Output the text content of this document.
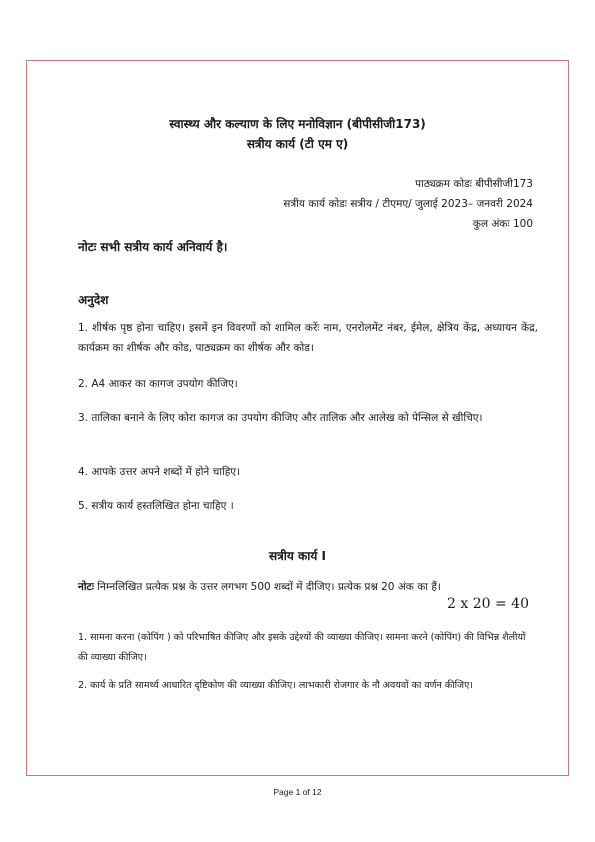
स्वास्थ्य और कल्याण के लिए मनोविज्ञान (बीपीसीजी173)
सत्रीय कार्य (टी एम ए)
पाठ्यक्रम कोडः बीपीसीजी173
सत्रीय कार्य कोडः सत्रीय / टीएमए/ जुलाई 2023– जनवरी 2024
कुल अंकः 100
नोटः सभी सत्रीय कार्य अनिवार्य है।
अनुदेश
1. शीर्षक पृष्ठ होना चाहिए। इसमें इन विवरणों को शामिल करेंः नाम, एनरोलमेंट नंबर, ईमेल, क्षेत्रिय केंद्र, अध्यायन केंद्र, कार्यक्रम का शीर्षक और कोड, पाठ्यक्रम का शीर्षक और कोड।
2. A4 आकर का कागज उपयोग कीजिए।
3. तालिका बनाने के लिए कोरा कागज का उपयोग कीजिए और तालिक और आलेख को पेन्सिल से खीचिए।
4. आपके उत्तर अपने शब्दों में होने चाहिए।
5. सत्रीय कार्य हस्तलिखित होना चाहिए ।
सत्रीय कार्य I
नोटः निम्नलिखित प्रत्येक प्रश्न के उत्तर लगभग 500 शब्दों में दीजिए। प्रत्येक प्रश्न 20 अंक का हैं।
2 x 20 = 40
1. सामना करना (कोपिंग ) को परिभाषित कीजिए और इसके उद्देश्यों की व्याख्या कीजिए। सामना करने (कोपिंग) की विभिन्न शैलीयों की व्याख्या कीजिए।
2. कार्य के प्रति सामर्थ्य आधारित दृष्टिकोण की व्याख्या कीजिए। लाभकारी रोजगार के नौ अवयवों का वर्णन कीजिए।
Page 1 of 12
